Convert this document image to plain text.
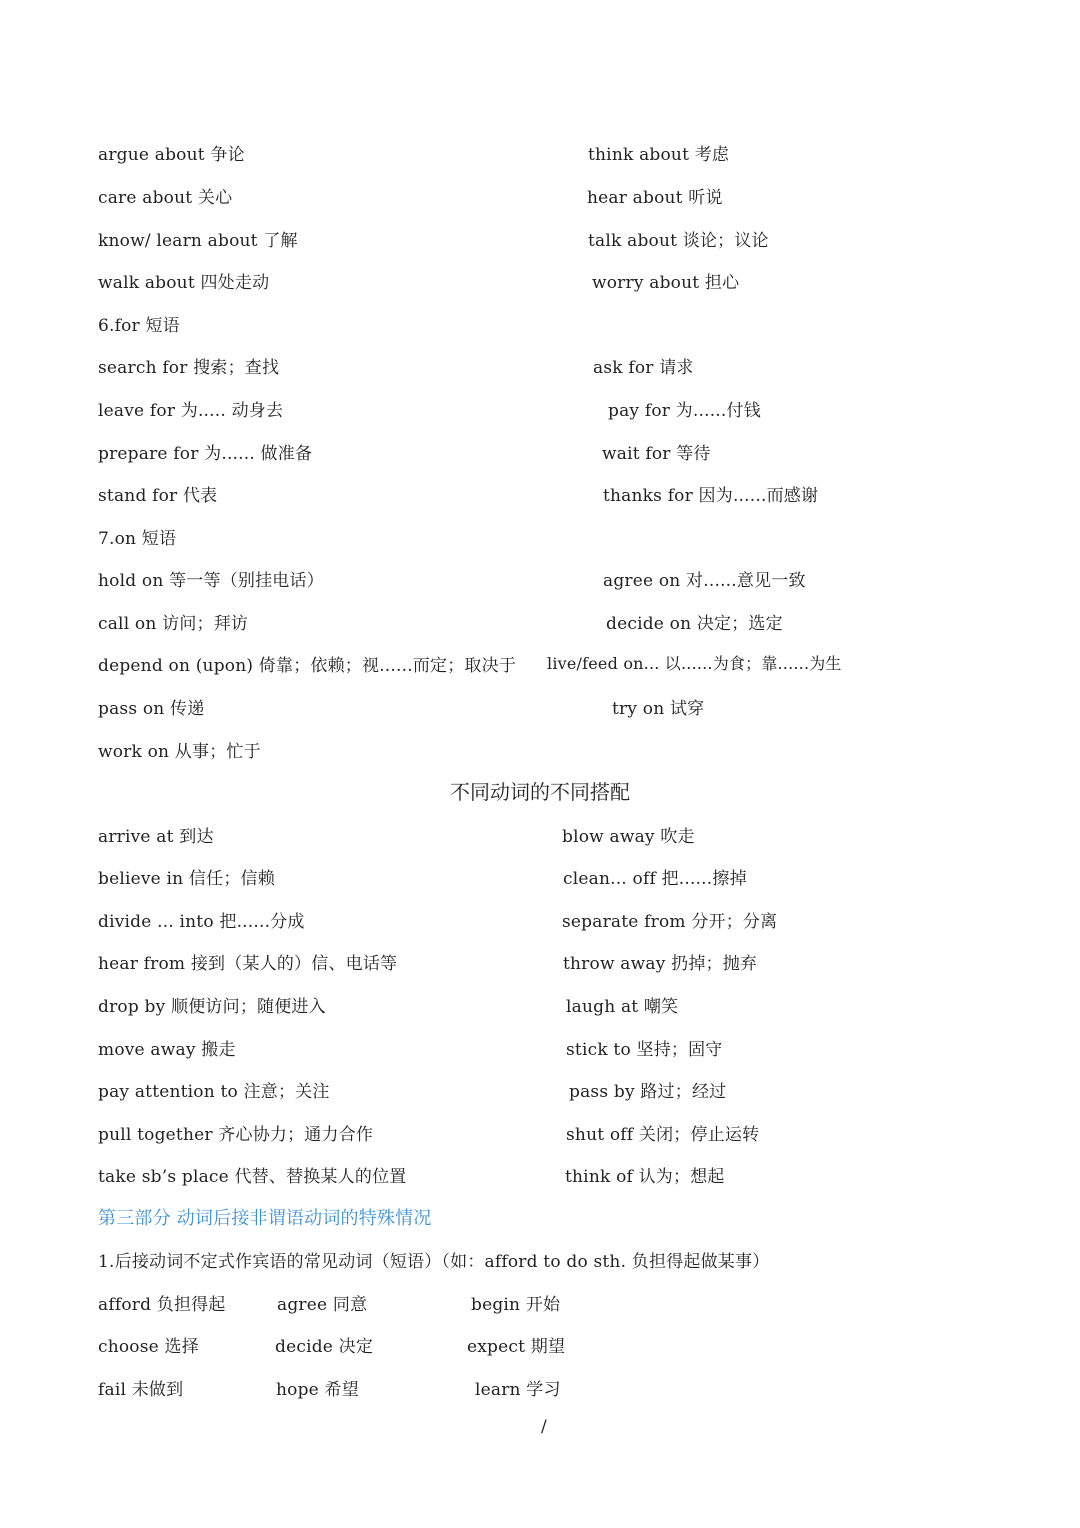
argue about 争论	think about 考虑
care about 关心	hear about 听说
know/ learn about 了解	talk about 谈论；议论
walk about 四处走动	worry about 担心
6.for 短语
search for 搜索；查找	ask for 请求
leave for 为..... 动身去	pay for 为......付钱
prepare for 为...... 做准备	wait for 等待
stand for 代表	thanks for 因为......而感谢
7.on 短语
hold on 等一等（别挂电话）	agree on 对......意见一致
call on 访问；拜访	decide on 决定；选定
depend on (upon) 倚靠；依赖；视......而定；取决于 live/feed on... 以......为食；靠......为生
pass on 传递	try on 试穿
work on 从事；忙于
不同动词的不同搭配
arrive at 到达	blow away 吹走
believe in 信任；信赖	clean... off 把......擦掉
divide ... into 把......分成	separate from 分开；分离
hear from 接到（某人的）信、电话等	throw away 扔掉；抛弃
drop by 顺便访问；随便进入	laugh at 嘲笑
move away 搬走	stick to 坚持；固守
pay attention to 注意；关注	pass by 路过；经过
pull together 齐心协力；通力合作	shut off 关闭；停止运转
take sb’s place 代替、替换某人的位置	think of 认为；想起
第三部分 动词后接非谓语动词的特殊情况
1.后接动词不定式作宾语的常见动词（短语）（如：afford to do sth. 负担得起做某事）
afford 负担得起	agree 同意	begin 开始
choose 选择	decide 决定	expect 期望
fail 未做到	hope 希望	learn 学习
/
